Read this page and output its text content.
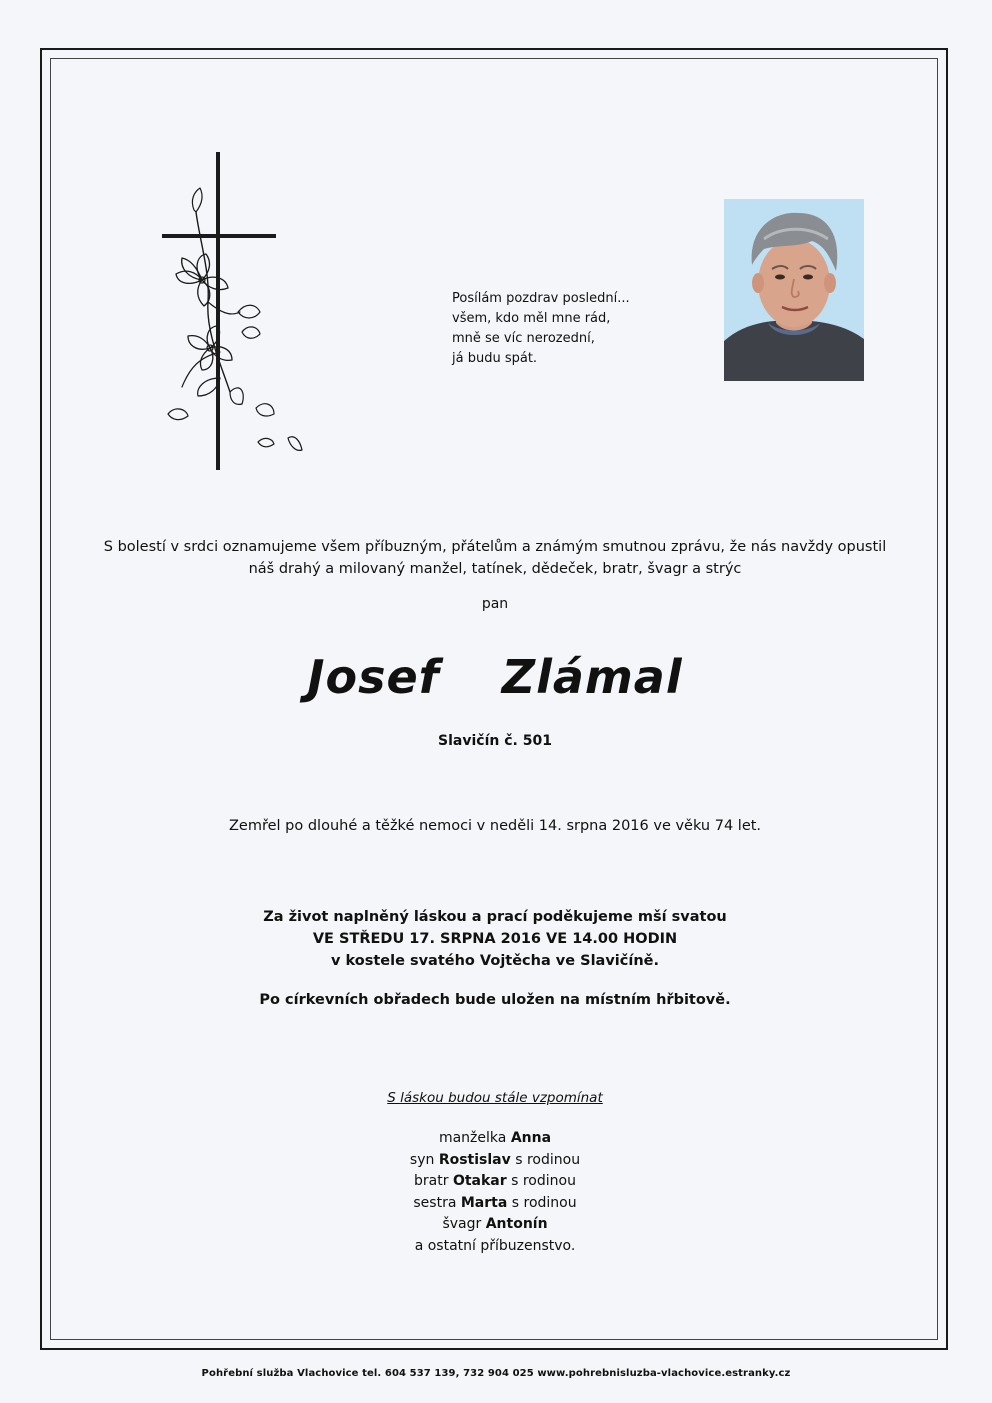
Posílám pozdrav poslední...
všem, kdo měl mne rád,
mně se víc nerozední,
já budu spát.
S bolestí v srdci oznamujeme všem příbuzným, přátelům a známým smutnou zprávu, že nás navždy opustil
náš drahý a milovaný manžel, tatínek, dědeček, bratr, švagr a strýc
pan
Josef  Zlámal
Slavičín č. 501
Zemřel po dlouhé a těžké nemoci v neděli 14. srpna 2016 ve věku 74 let.
Za život naplněný láskou a prací poděkujeme mší svatou
VE STŘEDU 17. SRPNA 2016 VE 14.00 HODIN
v kostele svatého Vojtěcha ve Slavičíně.
Po církevních obřadech bude uložen na místním hřbitově.
S láskou budou stále vzpomínat
manželka Anna
syn Rostislav s rodinou
bratr Otakar s rodinou
sestra Marta s rodinou
švagr Antonín
a ostatní příbuzenstvo.
Pohřební služba Vlachovice tel. 604 537 139, 732 904 025 www.pohrebnisluzba-vlachovice.estranky.cz
